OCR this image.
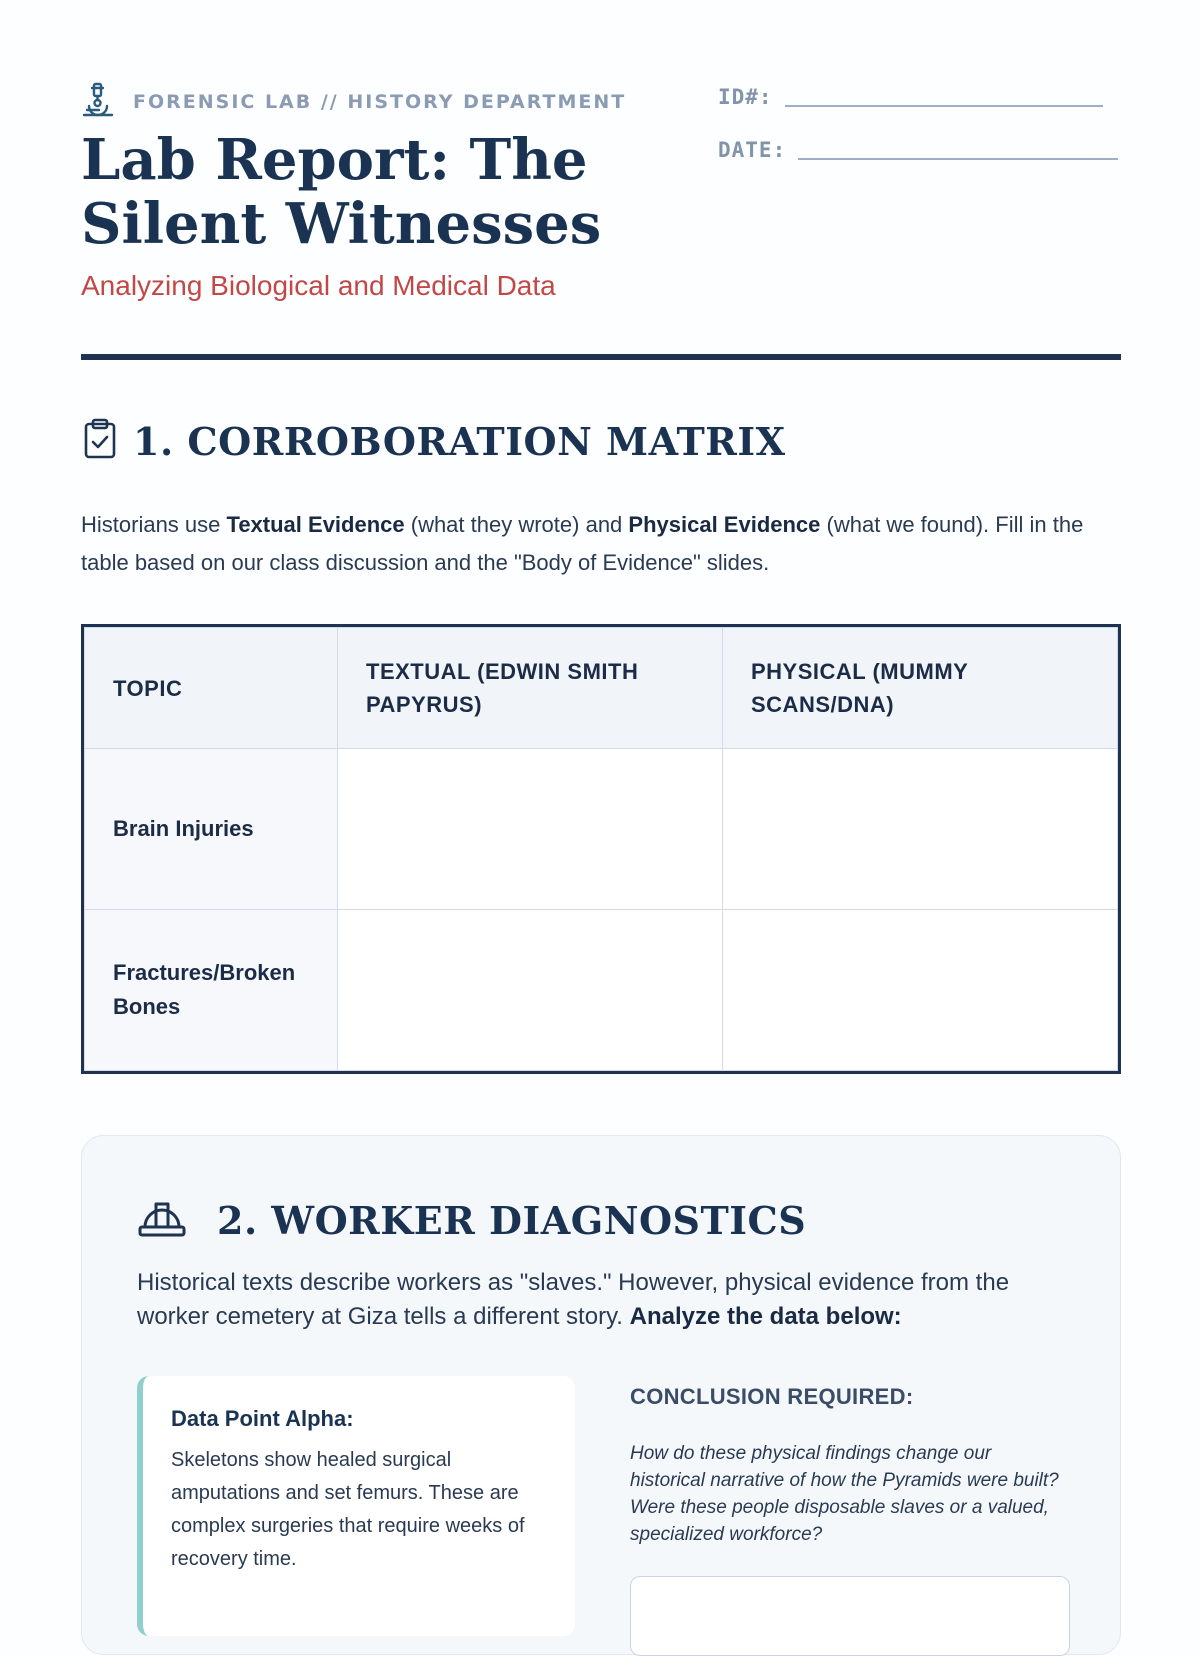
FORENSIC LAB // HISTORY DEPARTMENT
Lab Report: The Silent Witnesses
Analyzing Biological and Medical Data
ID#:
DATE:
1. CORROBORATION MATRIX
Historians use Textual Evidence (what they wrote) and Physical Evidence (what we found). Fill in the table based on our class discussion and the "Body of Evidence" slides.
TOPIC	TEXTUAL (EDWIN SMITH PAPYRUS)	PHYSICAL (MUMMY SCANS/DNA)
Brain Injuries		
Fractures/Broken Bones		
2. WORKER DIAGNOSTICS
Historical texts describe workers as "slaves." However, physical evidence from the worker cemetery at Giza tells a different story. Analyze the data below:
Data Point Alpha:
Skeletons show healed surgical amputations and set femurs. These are complex surgeries that require weeks of recovery time.
CONCLUSION REQUIRED:
How do these physical findings change our historical narrative of how the Pyramids were built? Were these people disposable slaves or a valued, specialized workforce?
